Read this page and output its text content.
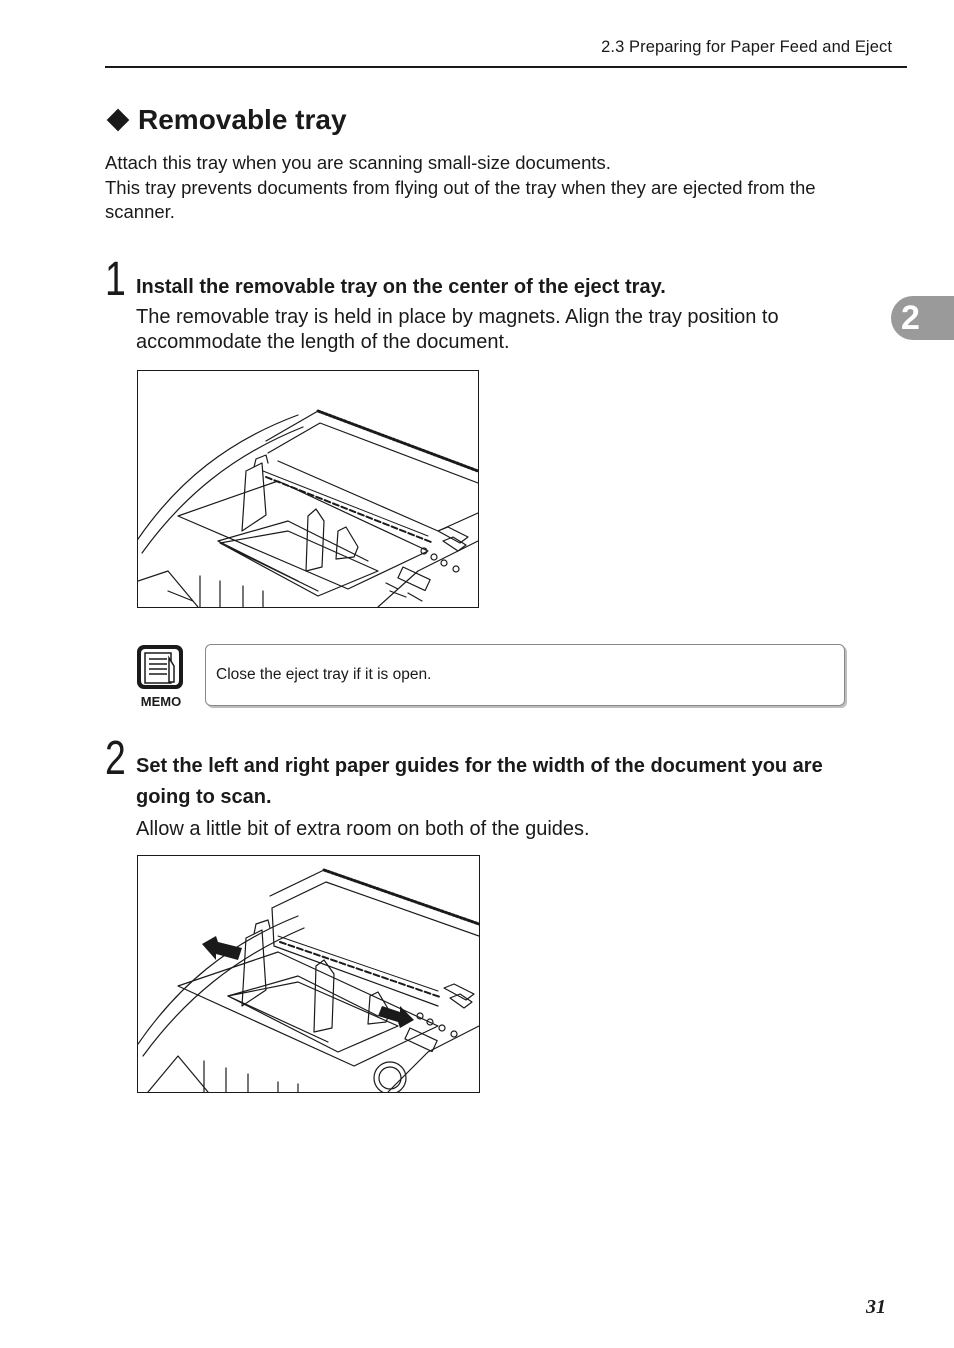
2.3 Preparing for Paper Feed and Eject
2
Removable tray

Attach this tray when you are scanning small-size documents.

This tray prevents documents from flying out of the tray when they are ejected from the scanner.

1 Install the removable tray on the center of the eject tray.

The removable tray is held in place by magnets. Align the tray position to accommodate the length of the document.

MEMO
Close the eject tray if it is open.
2 Set the left and right paper guides for the width of the document you are going to scan.

Allow a little bit of extra room on both of the guides.

31
